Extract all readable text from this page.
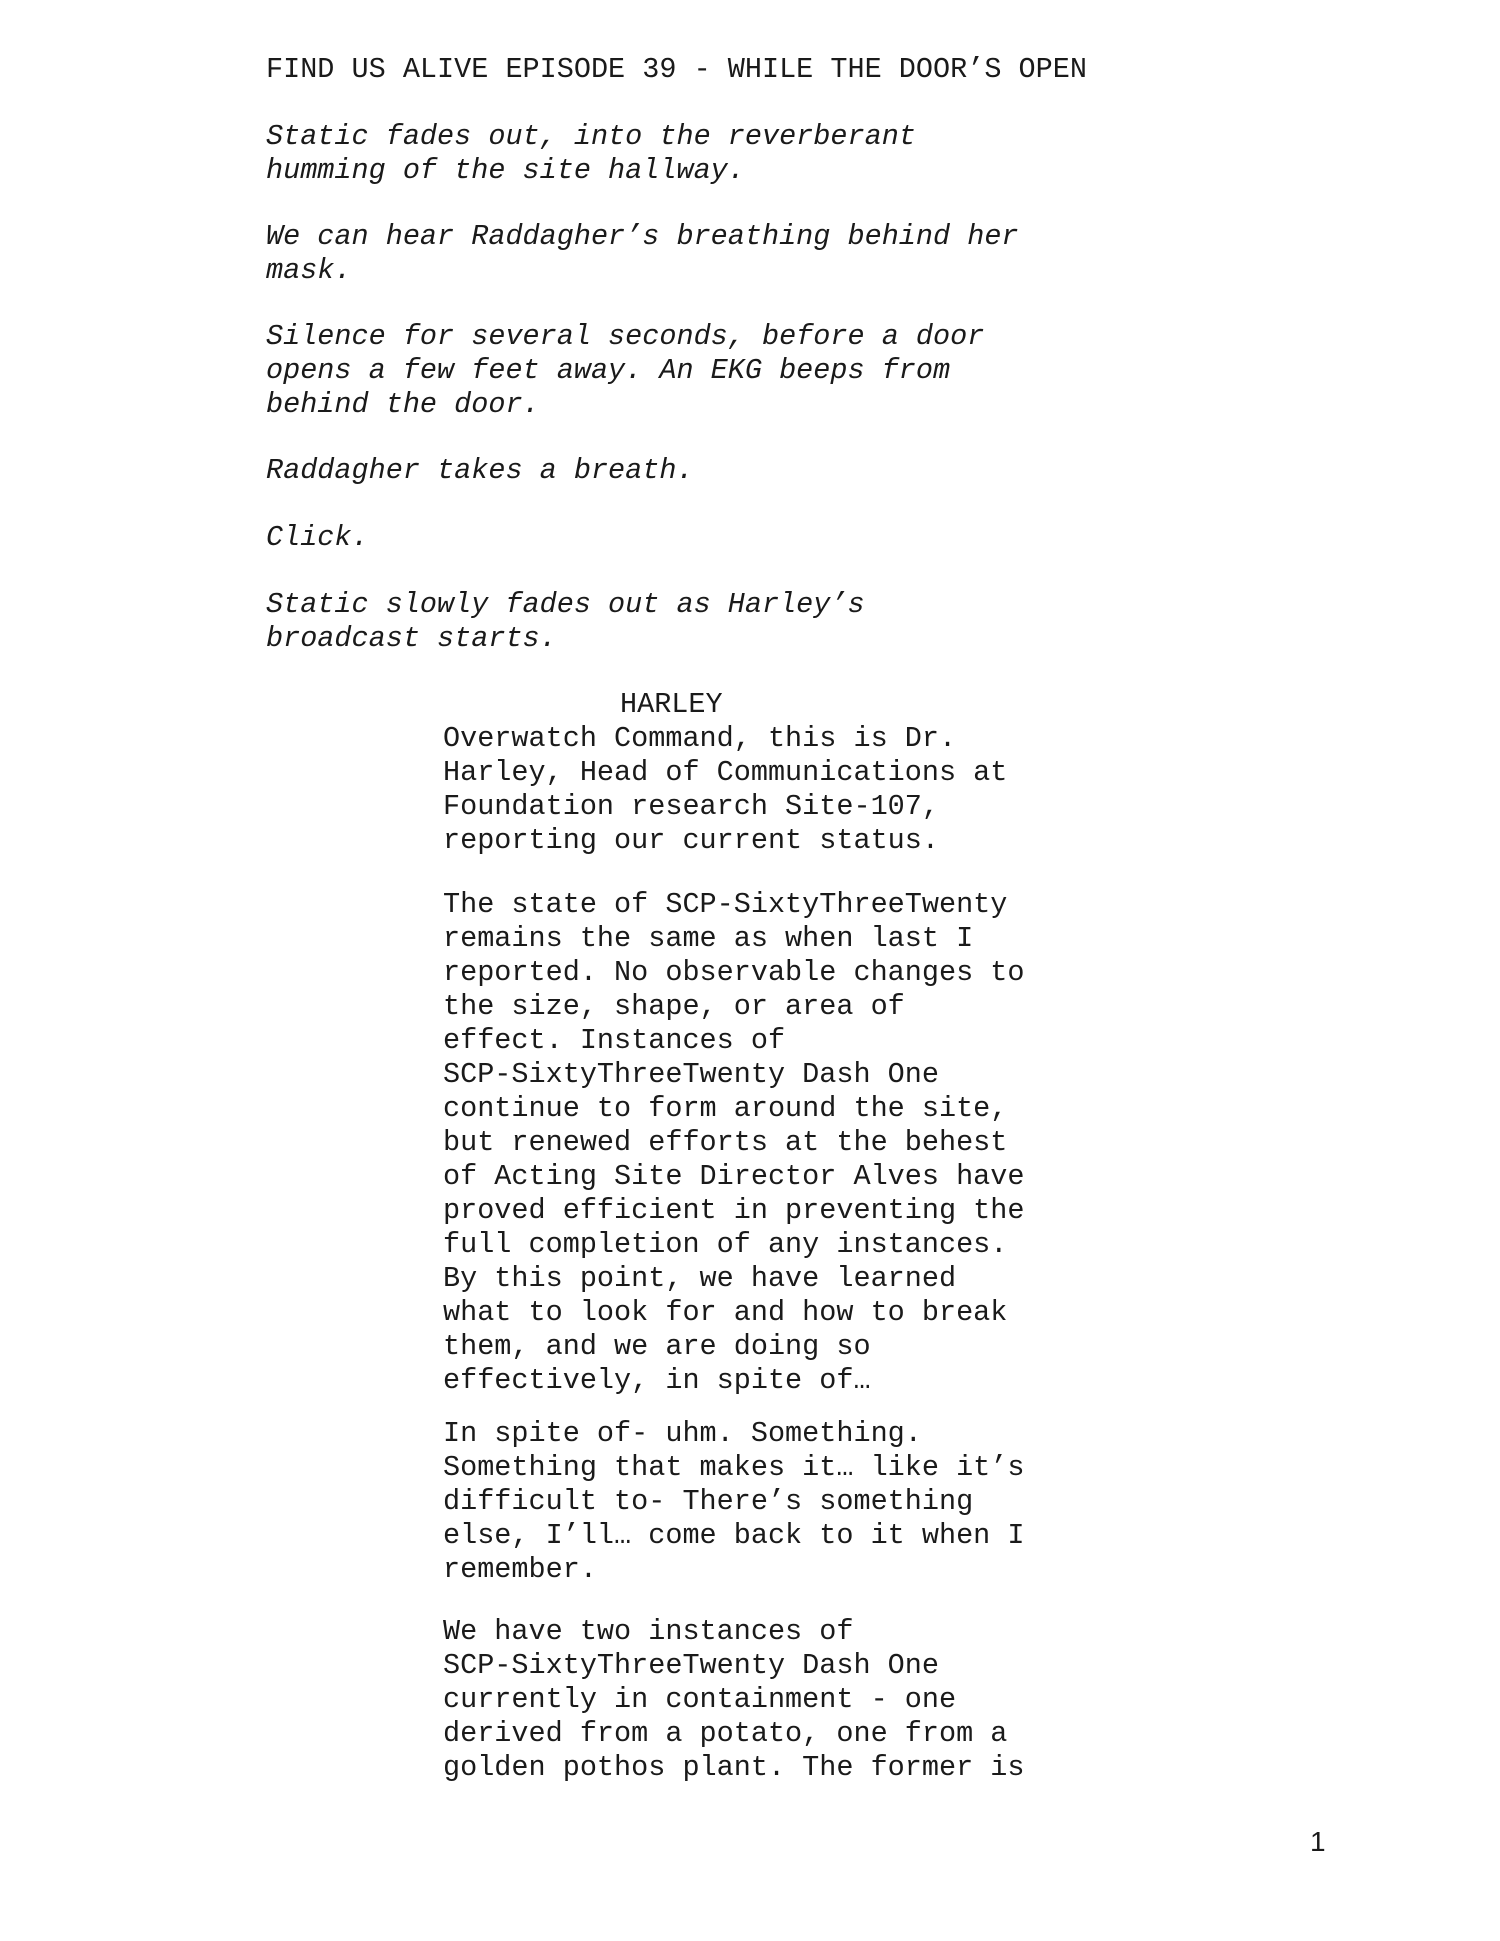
FIND US ALIVE EPISODE 39 - WHILE THE DOOR’S OPEN
Static fades out, into the reverberant
humming of the site hallway.
We can hear Raddagher’s breathing behind her
mask.
Silence for several seconds, before a door
opens a few feet away. An EKG beeps from
behind the door.
Raddagher takes a breath.
Click.
Static slowly fades out as Harley’s
broadcast starts.
HARLEY
Overwatch Command, this is Dr.
Harley, Head of Communications at
Foundation research Site-107,
reporting our current status.
The state of SCP-SixtyThreeTwenty
remains the same as when last I
reported. No observable changes to
the size, shape, or area of
effect. Instances of
SCP-SixtyThreeTwenty Dash One
continue to form around the site,
but renewed efforts at the behest
of Acting Site Director Alves have
proved efficient in preventing the
full completion of any instances.
By this point, we have learned
what to look for and how to break
them, and we are doing so
effectively, in spite of…
In spite of- uhm. Something.
Something that makes it… like it’s
difficult to- There’s something
else, I’ll… come back to it when I
remember.
We have two instances of
SCP-SixtyThreeTwenty Dash One
currently in containment - one
derived from a potato, one from a
golden pothos plant. The former is
1
